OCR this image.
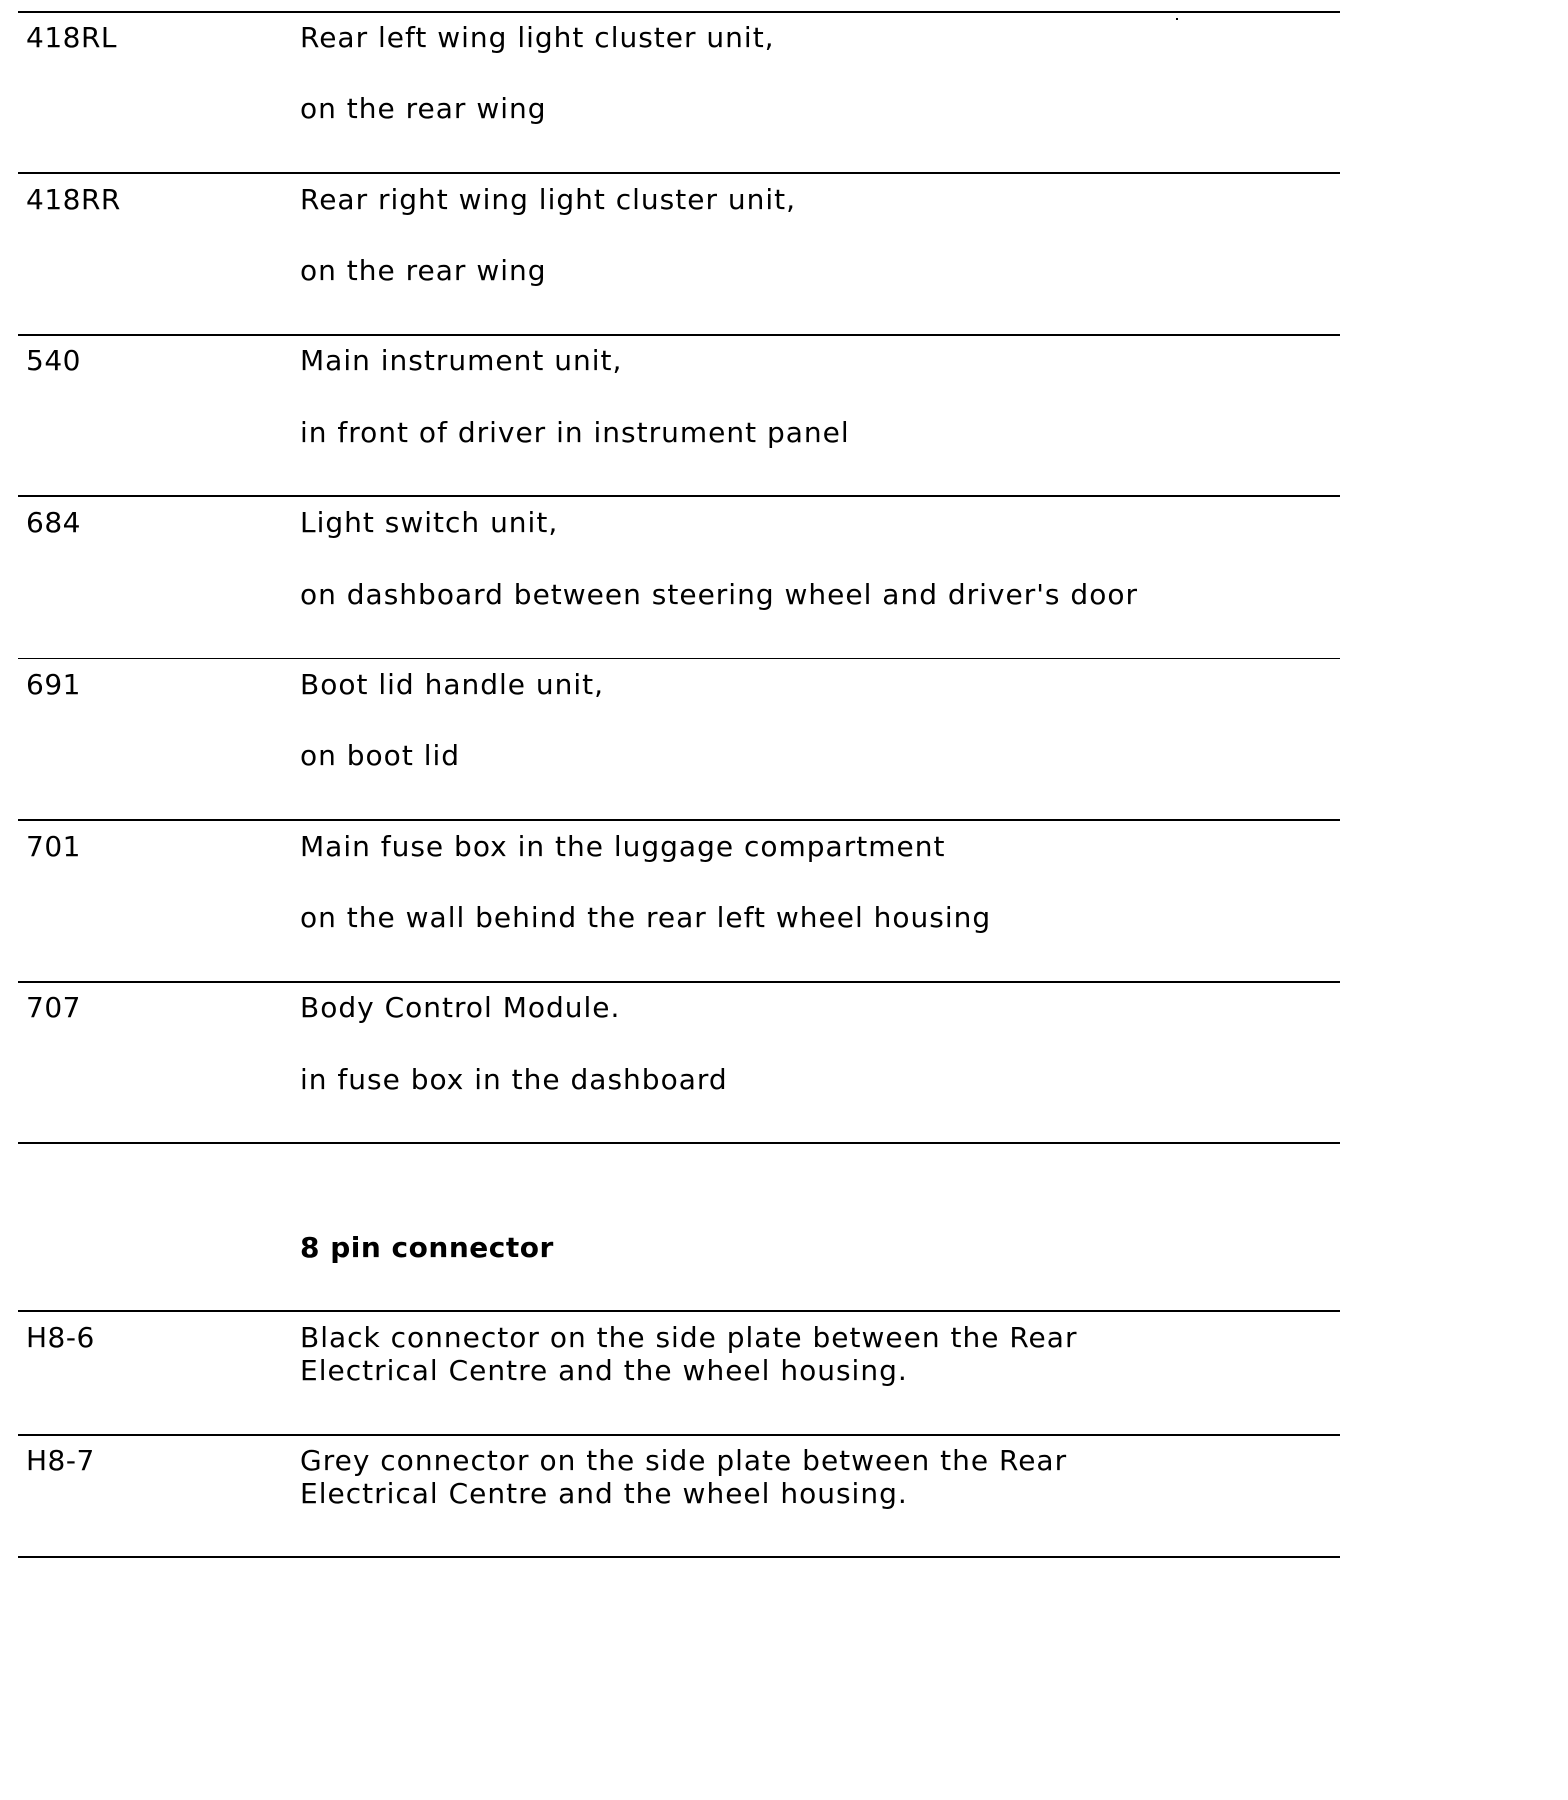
418RL	Rear left wing light cluster unit,
on the rear wing
418RR	Rear right wing light cluster unit,
on the rear wing
540	Main instrument unit,
in front of driver in instrument panel
684	Light switch unit,
on dashboard between steering wheel and driver's door
691	Boot lid handle unit,
on boot lid
701	Main fuse box in the luggage compartment
on the wall behind the rear left wheel housing
707	Body Control Module.
in fuse box in the dashboard
8 pin connector
H8-6	Black connector on the side plate between the Rear
Electrical Centre and the wheel housing.
H8-7	Grey connector on the side plate between the Rear
Electrical Centre and the wheel housing.
